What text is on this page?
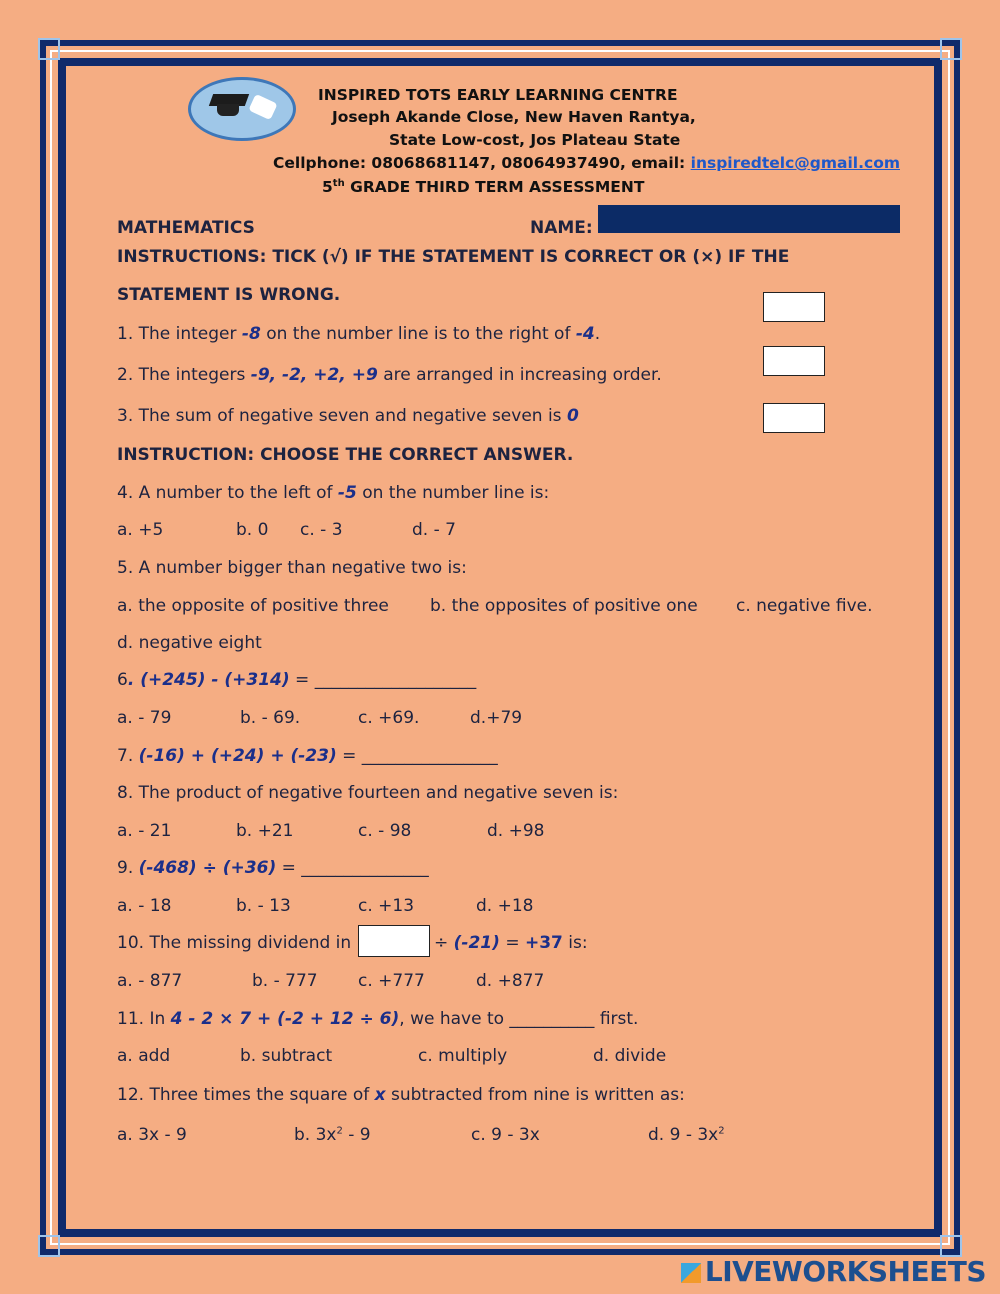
INSPIRED TOTS EARLY LEARNING CENTRE
Joseph Akande Close, New Haven Rantya,
State Low-cost, Jos Plateau State
Cellphone: 08068681147, 08064937490, email: inspiredtelc@gmail.com
5th GRADE THIRD TERM ASSESSMENT
MATHEMATICS	NAME:
INSTRUCTIONS: TICK (√) IF THE STATEMENT IS CORRECT OR (×) IF THE
STATEMENT IS WRONG.
1. The integer -8 on the number line is to the right of -4.
2. The integers -9, -2, +2, +9 are arranged in increasing order.
3. The sum of negative seven and negative seven is 0
INSTRUCTION: CHOOSE THE CORRECT ANSWER.
4. A number to the left of -5 on the number line is:
a. +5	b. 0 c. - 3	d. - 7
5. A number bigger than negative two is:
a. the opposite of positive three b. the opposites of positive one c. negative five.
d. negative eight
6. (+245) - (+314) = ___________________
a. - 79	b. - 69.	c. +69.	d.+79
7. (-16) + (+24) + (-23) = ________________
8. The product of negative fourteen and negative seven is:
a. - 21	b. +21	c. - 98	d. +98
9. (-468) ÷ (+36) = _______________
a. - 18	b. - 13	c. +13	d. +18
10. The missing dividend in	÷ (-21) = +37 is:
a. - 877	b. - 777 c. +777	d. +877
11. In 4 - 2 × 7 + (-2 + 12 ÷ 6), we have to __________ first.
a. add	b. subtract	c. multiply	d. divide
12. Three times the square of x subtracted from nine is written as:
a. 3x - 9	b. $3x^2 - 9$	c. 9 - 3x	d. $9 - 3x^2$
LIVEWORKSHEETS
